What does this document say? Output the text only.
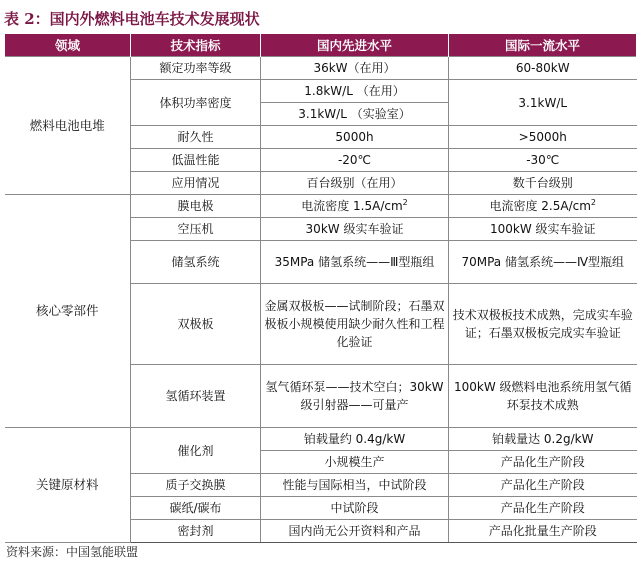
表 2：国内外燃料电池车技术发展现状
领域	技术指标	国内先进水平	国际一流水平
燃料电池电堆	额定功率等级	36kW（在用）	60-80kW
	体积功率密度	1.8kW/L （在用）	3.1kW/L
		3.1kW/L （实验室）	
	耐久性	5000h	>5000h
	低温性能	-20℃	-30℃
	应用情况	百台级别（在用）	数千台级别
核心零部件	膜电极	电流密度 $1.5A/cm^2$	电流密度 $2.5A/cm^2$
	空压机	30kW 级实车验证	100kW 级实车验证
	储氢系统	35MPa 储氢系统——Ⅲ型瓶组	70MPa 储氢系统——Ⅳ型瓶组
	双极板	金属双极板——试制阶段；石墨双极板小规模使用缺少耐久性和工程化验证	技术双极板技术成熟，完成实车验证；石墨双极板完成实车验证
	氢循环装置	氢气循环泵——技术空白；30kW 级引射器——可量产	100kW 级燃料电池系统用氢气循环泵技术成熟
关键原材料	催化剂	铂载量约 0.4g/kW	铂载量达 0.2g/kW
		小规模生产	产品化生产阶段
	质子交换膜	性能与国际相当，中试阶段	产品化生产阶段
	碳纸/碳布	中试阶段	产品化生产阶段
	密封剂	国内尚无公开资料和产品	产品化批量生产阶段
资料来源：中国氢能联盟
